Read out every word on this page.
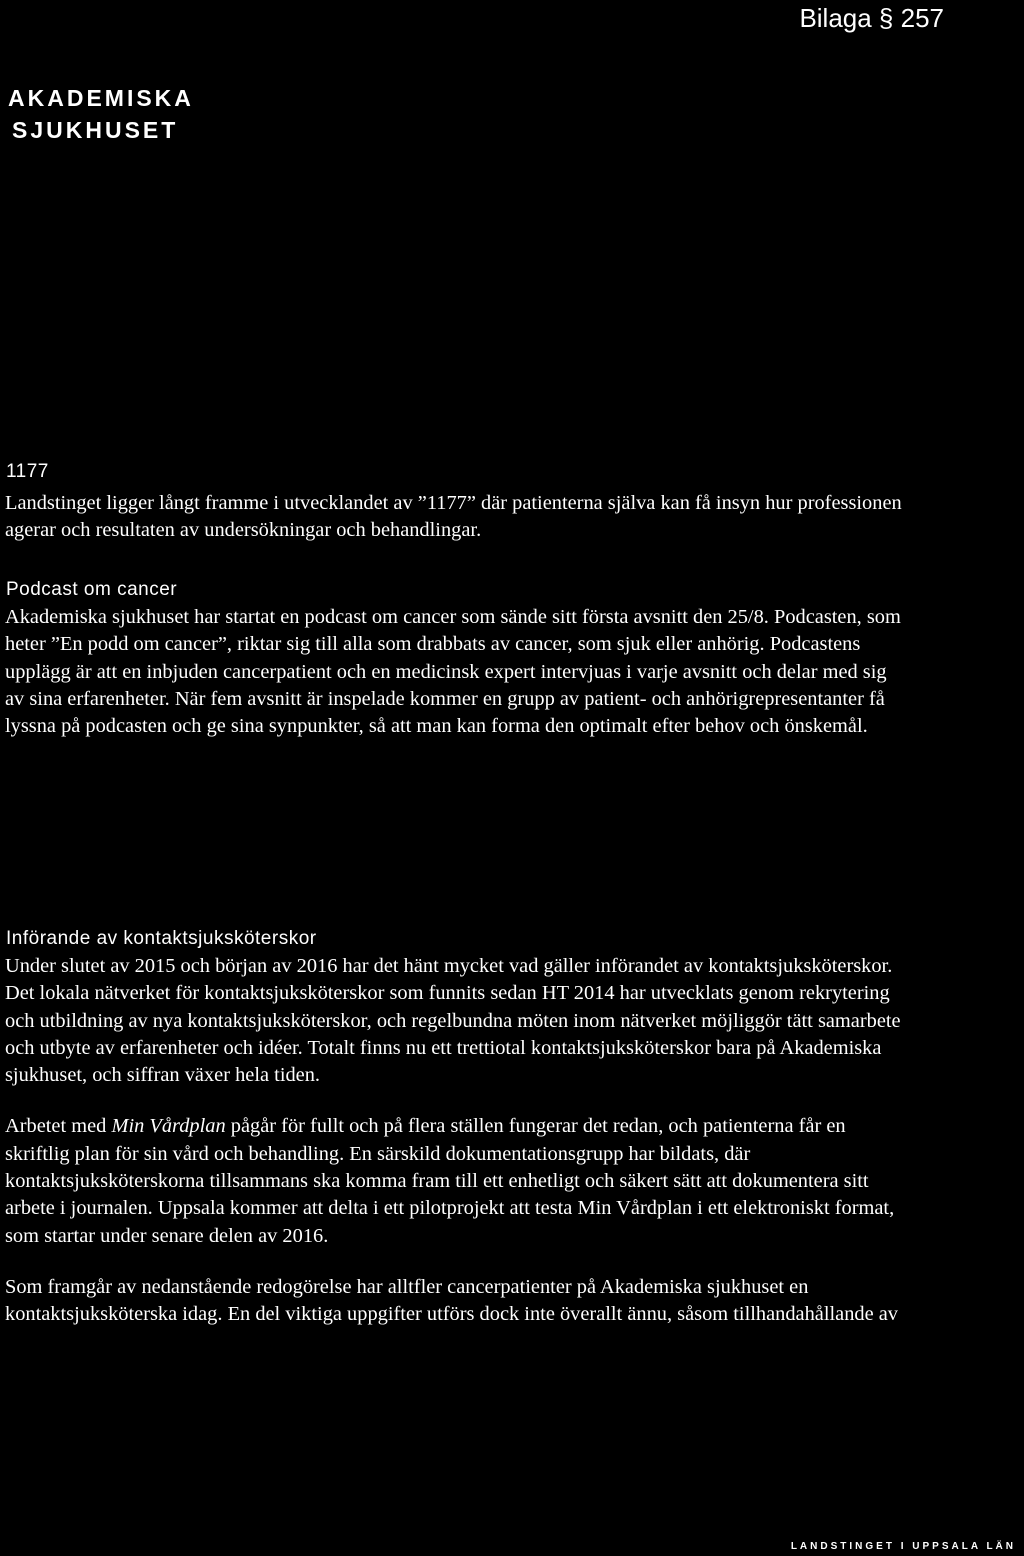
Bilaga § 257
AKADEMISKA
SJUKHUSET
1177

Landstinget ligger långt framme i utvecklandet av ”1177” där patienterna själva kan få insyn hur professionen
agerar och resultaten av undersökningar och behandlingar.

Podcast om cancer

Akademiska sjukhuset har startat en podcast om cancer som sände sitt första avsnitt den 25/8. Podcasten, som
heter ”En podd om cancer”, riktar sig till alla som drabbats av cancer, som sjuk eller anhörig. Podcastens
upplägg är att en inbjuden cancerpatient och en medicinsk expert intervjuas i varje avsnitt och delar med sig
av sina erfarenheter. När fem avsnitt är inspelade kommer en grupp av patient- och anhörigrepresentanter få
lyssna på podcasten och ge sina synpunkter, så att man kan forma den optimalt efter behov och önskemål.

Införande av kontaktsjuksköterskor

Under slutet av 2015 och början av 2016 har det hänt mycket vad gäller införandet av kontaktsjuksköterskor.
Det lokala nätverket för kontaktsjuksköterskor som funnits sedan HT 2014 har utvecklats genom rekrytering
och utbildning av nya kontaktsjuksköterskor, och regelbundna möten inom nätverket möjliggör tätt samarbete
och utbyte av erfarenheter och idéer. Totalt finns nu ett trettiotal kontaktsjuksköterskor bara på Akademiska
sjukhuset, och siffran växer hela tiden.

Arbetet med Min Vårdplan pågår för fullt och på flera ställen fungerar det redan, och patienterna får en
skriftlig plan för sin vård och behandling. En särskild dokumentationsgrupp har bildats, där
kontaktsjuksköterskorna tillsammans ska komma fram till ett enhetligt och säkert sätt att dokumentera sitt
arbete i journalen. Uppsala kommer att delta i ett pilotprojekt att testa Min Vårdplan i ett elektroniskt format,
som startar under senare delen av 2016.

Som framgår av nedanstående redogörelse har alltfler cancerpatienter på Akademiska sjukhuset en
kontaktsjuksköterska idag. En del viktiga uppgifter utförs dock inte överallt ännu, såsom tillhandahållande av

LANDSTINGET I UPPSALA LÄN
